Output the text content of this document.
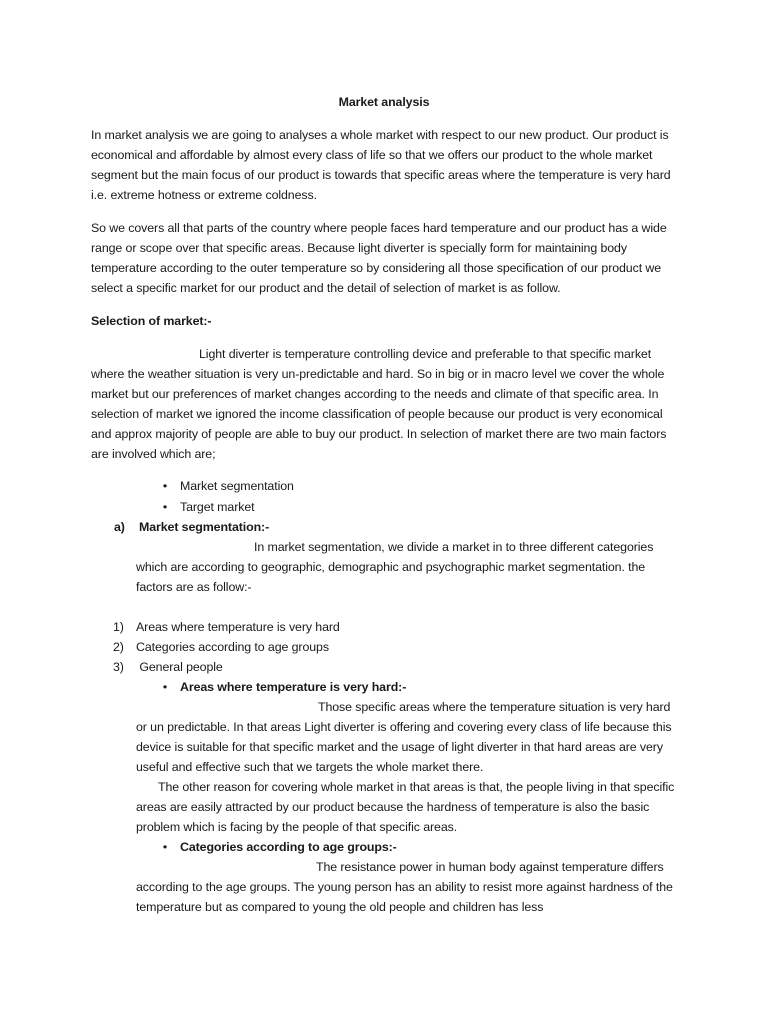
Market analysis

In market analysis we are going to analyses a whole market with respect to our new product. Our product is economical and affordable by almost every class of life so that we offers our product to the whole market segment but the main focus of our product is towards that specific areas where the temperature is very hard i.e. extreme hotness or extreme coldness.

So we covers all that parts of the country where people faces hard temperature and our product has a wide range or scope over that specific areas. Because light diverter is specially form for maintaining body temperature according to the outer temperature so by considering all those specification of our product we select a specific market for our product and the detail of selection of market is as follow.

Selection of market:-

Light diverter is temperature controlling device and preferable to that specific market where the weather situation is very un-predictable and hard. So in big or in macro level we cover the whole market but our preferences of market changes according to the needs and climate of that specific area. In selection of market we ignored the income classification of people because our product is very economical and approx majority of people are able to buy our product. In selection of market there are two main factors are involved which are;

•	Market segmentation
•	Target market
a) Market segmentation:-

In market segmentation, we divide a market in to three different categories which are according to geographic, demographic and psychographic market segmentation. the factors are as follow:-

1) Areas where temperature is very hard
2) Categories according to age groups
3) General people
•	Areas where temperature is very hard:-

Those specific areas where the temperature situation is very hard or un predictable. In that areas Light diverter is offering and covering every class of life because this device is suitable for that specific market and the usage of light diverter in that hard areas are very useful and effective such that we targets the whole market there.

The other reason for covering whole market in that areas is that, the people living in that specific areas are easily attracted by our product because the hardness of temperature is also the basic problem which is facing by the people of that specific areas.

•	Categories according to age groups:-

The resistance power in human body against temperature differs according to the age groups. The young person has an ability to resist more against hardness of the temperature but as compared to young the old people and children has less
